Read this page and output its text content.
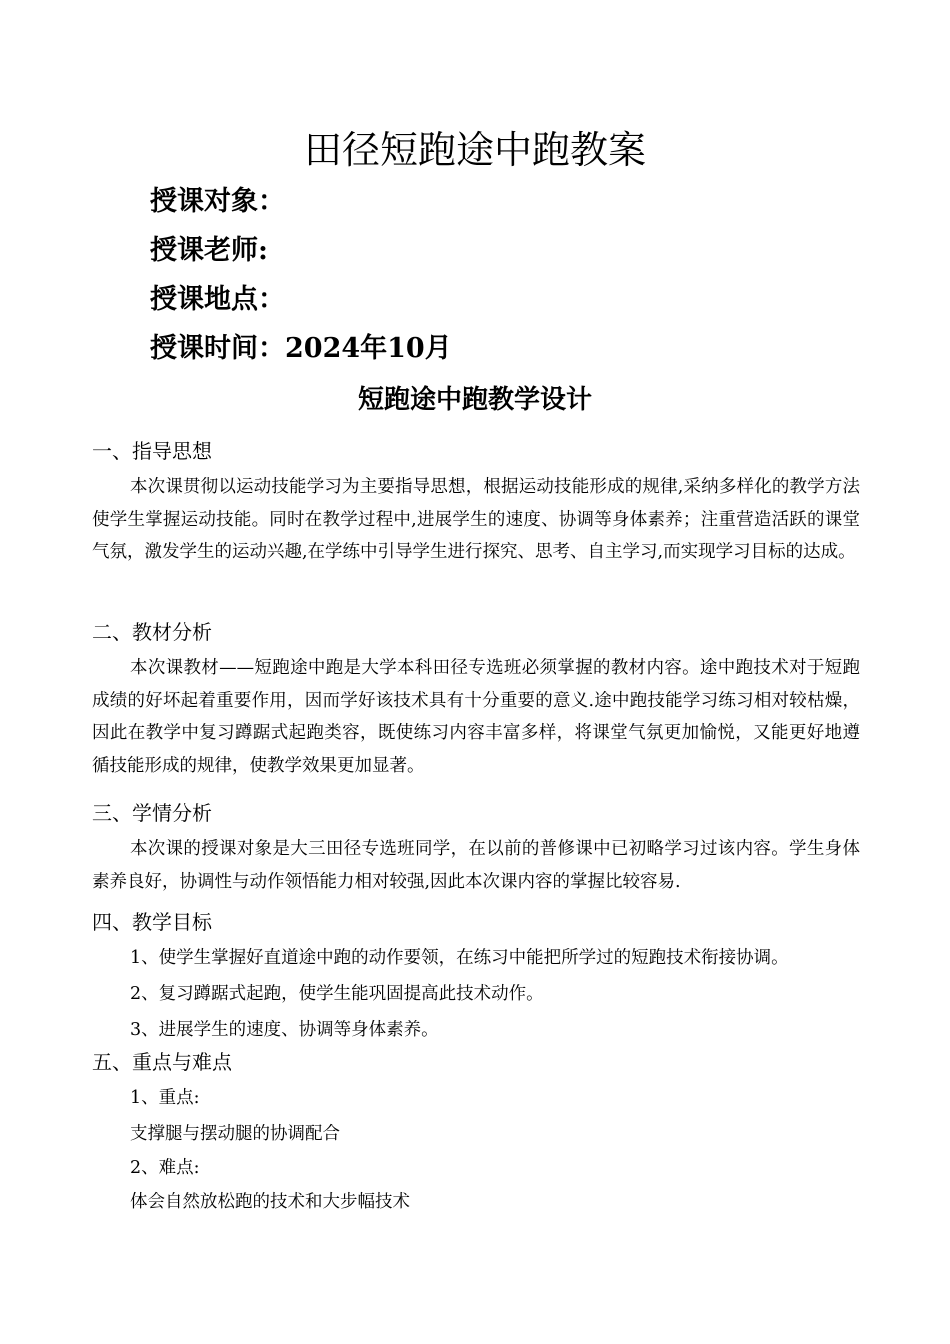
田径短跑途中跑教案
授课对象：
授课老师:
授课地点：
授课时间：2024年10月
短跑途中跑教学设计
一、指导思想

本次课贯彻以运动技能学习为主要指导思想，根据运动技能形成的规律,采纳多样化的教学方法使学生掌握运动技能。同时在教学过程中,进展学生的速度、协调等身体素养；注重营造活跃的课堂气氛，激发学生的运动兴趣,在学练中引导学生进行探究、思考、自主学习,而实现学习目标的达成。

二、教材分析

本次课教材——短跑途中跑是大学本科田径专选班必须掌握的教材内容。途中跑技术对于短跑成绩的好坏起着重要作用，因而学好该技术具有十分重要的意义.途中跑技能学习练习相对较枯燥，因此在教学中复习蹲踞式起跑类容，既使练习内容丰富多样，将课堂气氛更加愉悦，又能更好地遵循技能形成的规律，使教学效果更加显著。

三、学情分析

本次课的授课对象是大三田径专选班同学，在以前的普修课中已初略学习过该内容。学生身体素养良好，协调性与动作领悟能力相对较强,因此本次课内容的掌握比较容易.

四、教学目标
1、使学生掌握好直道途中跑的动作要领，在练习中能把所学过的短跑技术衔接协调。
2、复习蹲踞式起跑，使学生能巩固提高此技术动作。
3、进展学生的速度、协调等身体素养。
五、重点与难点
1、重点:
支撑腿与摆动腿的协调配合
2、难点:
体会自然放松跑的技术和大步幅技术
